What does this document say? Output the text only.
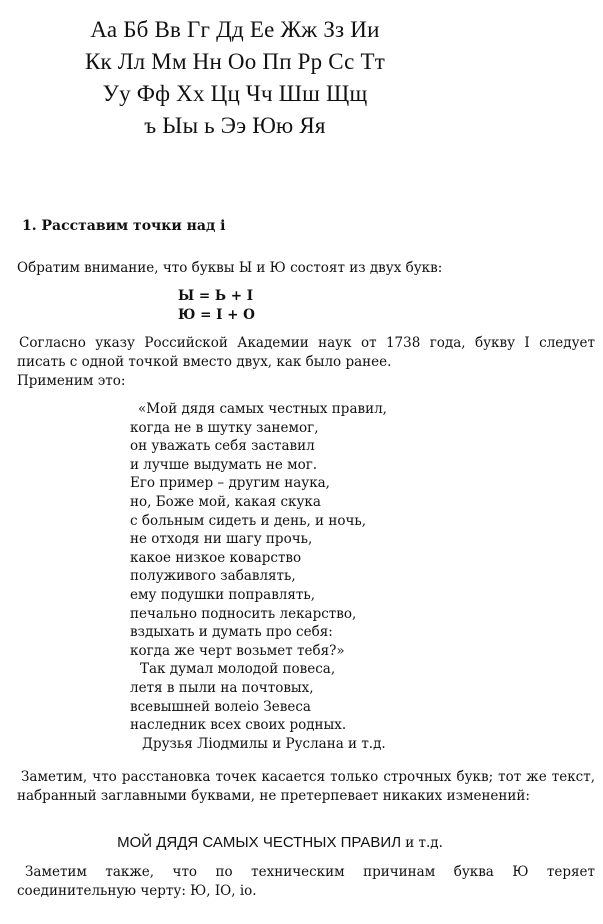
Аа Бб Вв Гг Дд Ее Жж Зз Ии
Кк Лл Мм Нн Оо Пп Рр Сс Тт
Уу Фф Хх Цц Чч Шш Щщ
ъ Ыы ь Ээ Юю Яя
1. Расставим точки над і
Обратим внимание, что буквы Ы и Ю состоят из двух букв:
Ы = Ь + І
Ю = І + О
Согласно указу Российской Академии наук от 1738 года, букву І следует писать с одной точкой вместо двух, как было ранее.
Применим это:
«Мой дядя самых честных правил,
когда не в шутку занемог,
он уважать себя заставил
и лучше выдумать не мог.
Его пример – другим наука,
но, Боже мой, какая скука
с больным сидеть и день, и ночь,
не отходя ни шагу прочь,
какое низкое коварство
полуживого забавлять,
ему подушки поправлять,
печально подносить лекарство,
вздыхать и думать про себя:
когда же черт возьмет тебя?»
Так думал молодой повеса,
летя в пыли на почтовых,
всевышней волеіо Зевеса
наследник всех своих родных.
Друзья Ліодмилы и Руслана и т.д.
Заметим, что расстановка точек касается только строчных букв; тот же текст, набранный заглавными буквами, не претерпевает никаких изменений:
МОЙ ДЯДЯ САМЫХ ЧЕСТНЫХ ПРАВИЛ и т.д.
Заметим также, что по техническим причинам буква Ю теряет соединительную черту: Ю, ІО, іо.
